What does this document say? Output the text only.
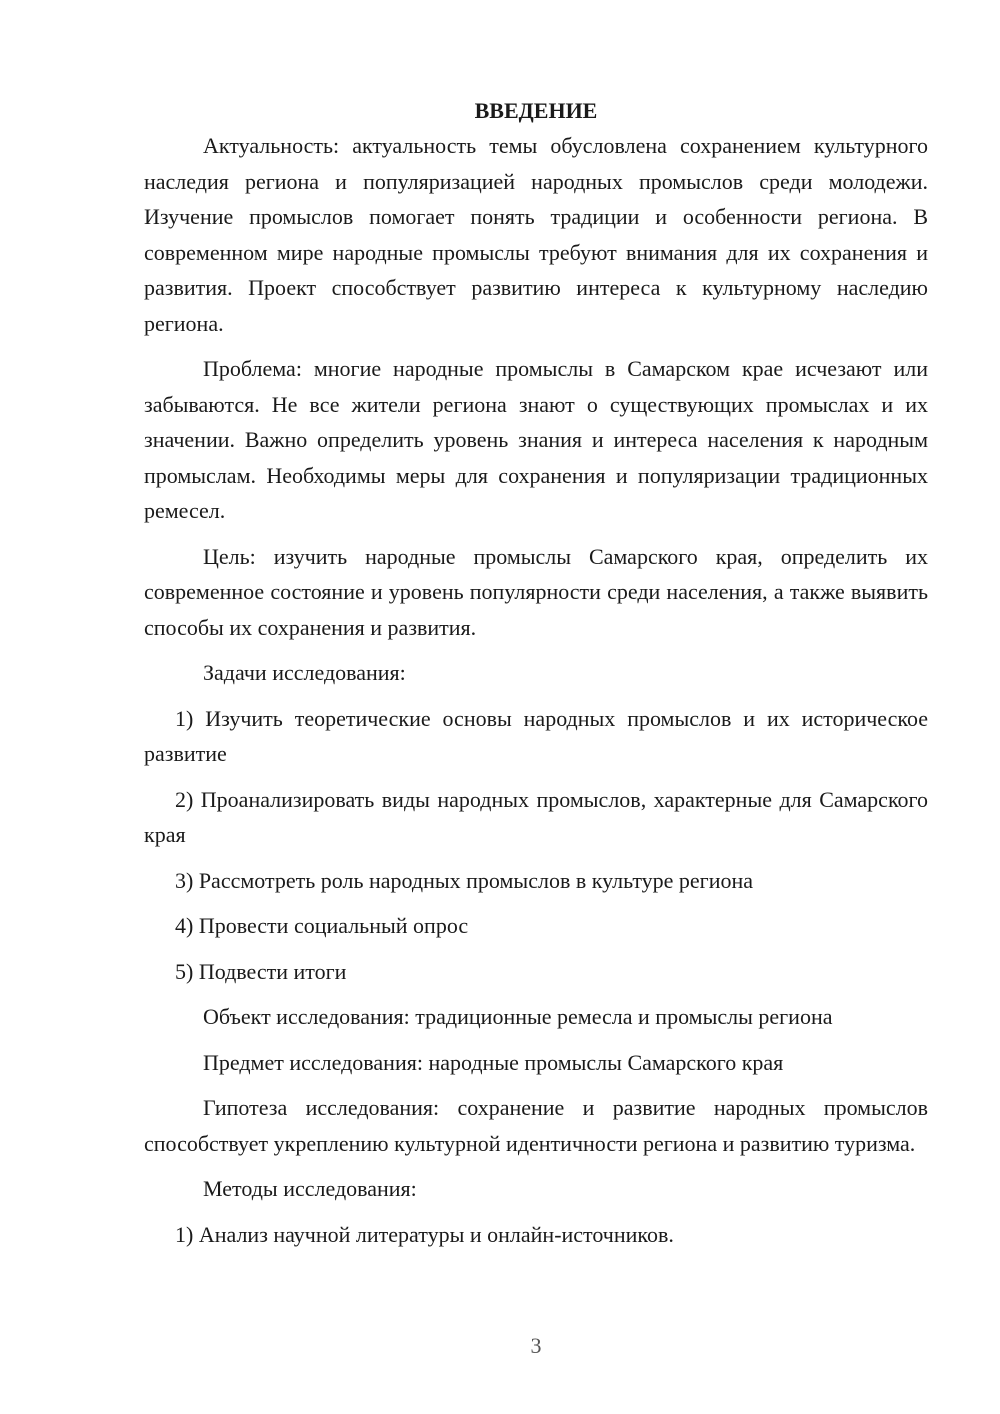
ВВЕДЕНИЕ

Актуальность: актуальность темы обусловлена сохранением культурного наследия региона и популяризацией народных промыслов среди молодежи. Изучение промыслов помогает понять традиции и особенности региона. В современном мире народные промыслы требуют внимания для их сохранения и развития. Проект способствует развитию интереса к культурному наследию региона.

Проблема: многие народные промыслы в Самарском крае исчезают или забываются. Не все жители региона знают о существующих промыслах и их значении. Важно определить уровень знания и интереса населения к народным промыслам. Необходимы меры для сохранения и популяризации традиционных ремесел.

Цель: изучить народные промыслы Самарского края, определить их современное состояние и уровень популярности среди населения, а также выявить способы их сохранения и развития.

Задачи исследования:

1) Изучить теоретические основы народных промыслов и их историческое развитие

2) Проанализировать виды народных промыслов, характерные для Самарского края

3) Рассмотреть роль народных промыслов в культуре региона

4) Провести социальный опрос

5) Подвести итоги

Объект исследования: традиционные ремесла и промыслы региона

Предмет исследования: народные промыслы Самарского края

Гипотеза исследования: сохранение и развитие народных промыслов способствует укреплению культурной идентичности региона и развитию туризма.

Методы исследования:

1) Анализ научной литературы и онлайн-источников.

3
